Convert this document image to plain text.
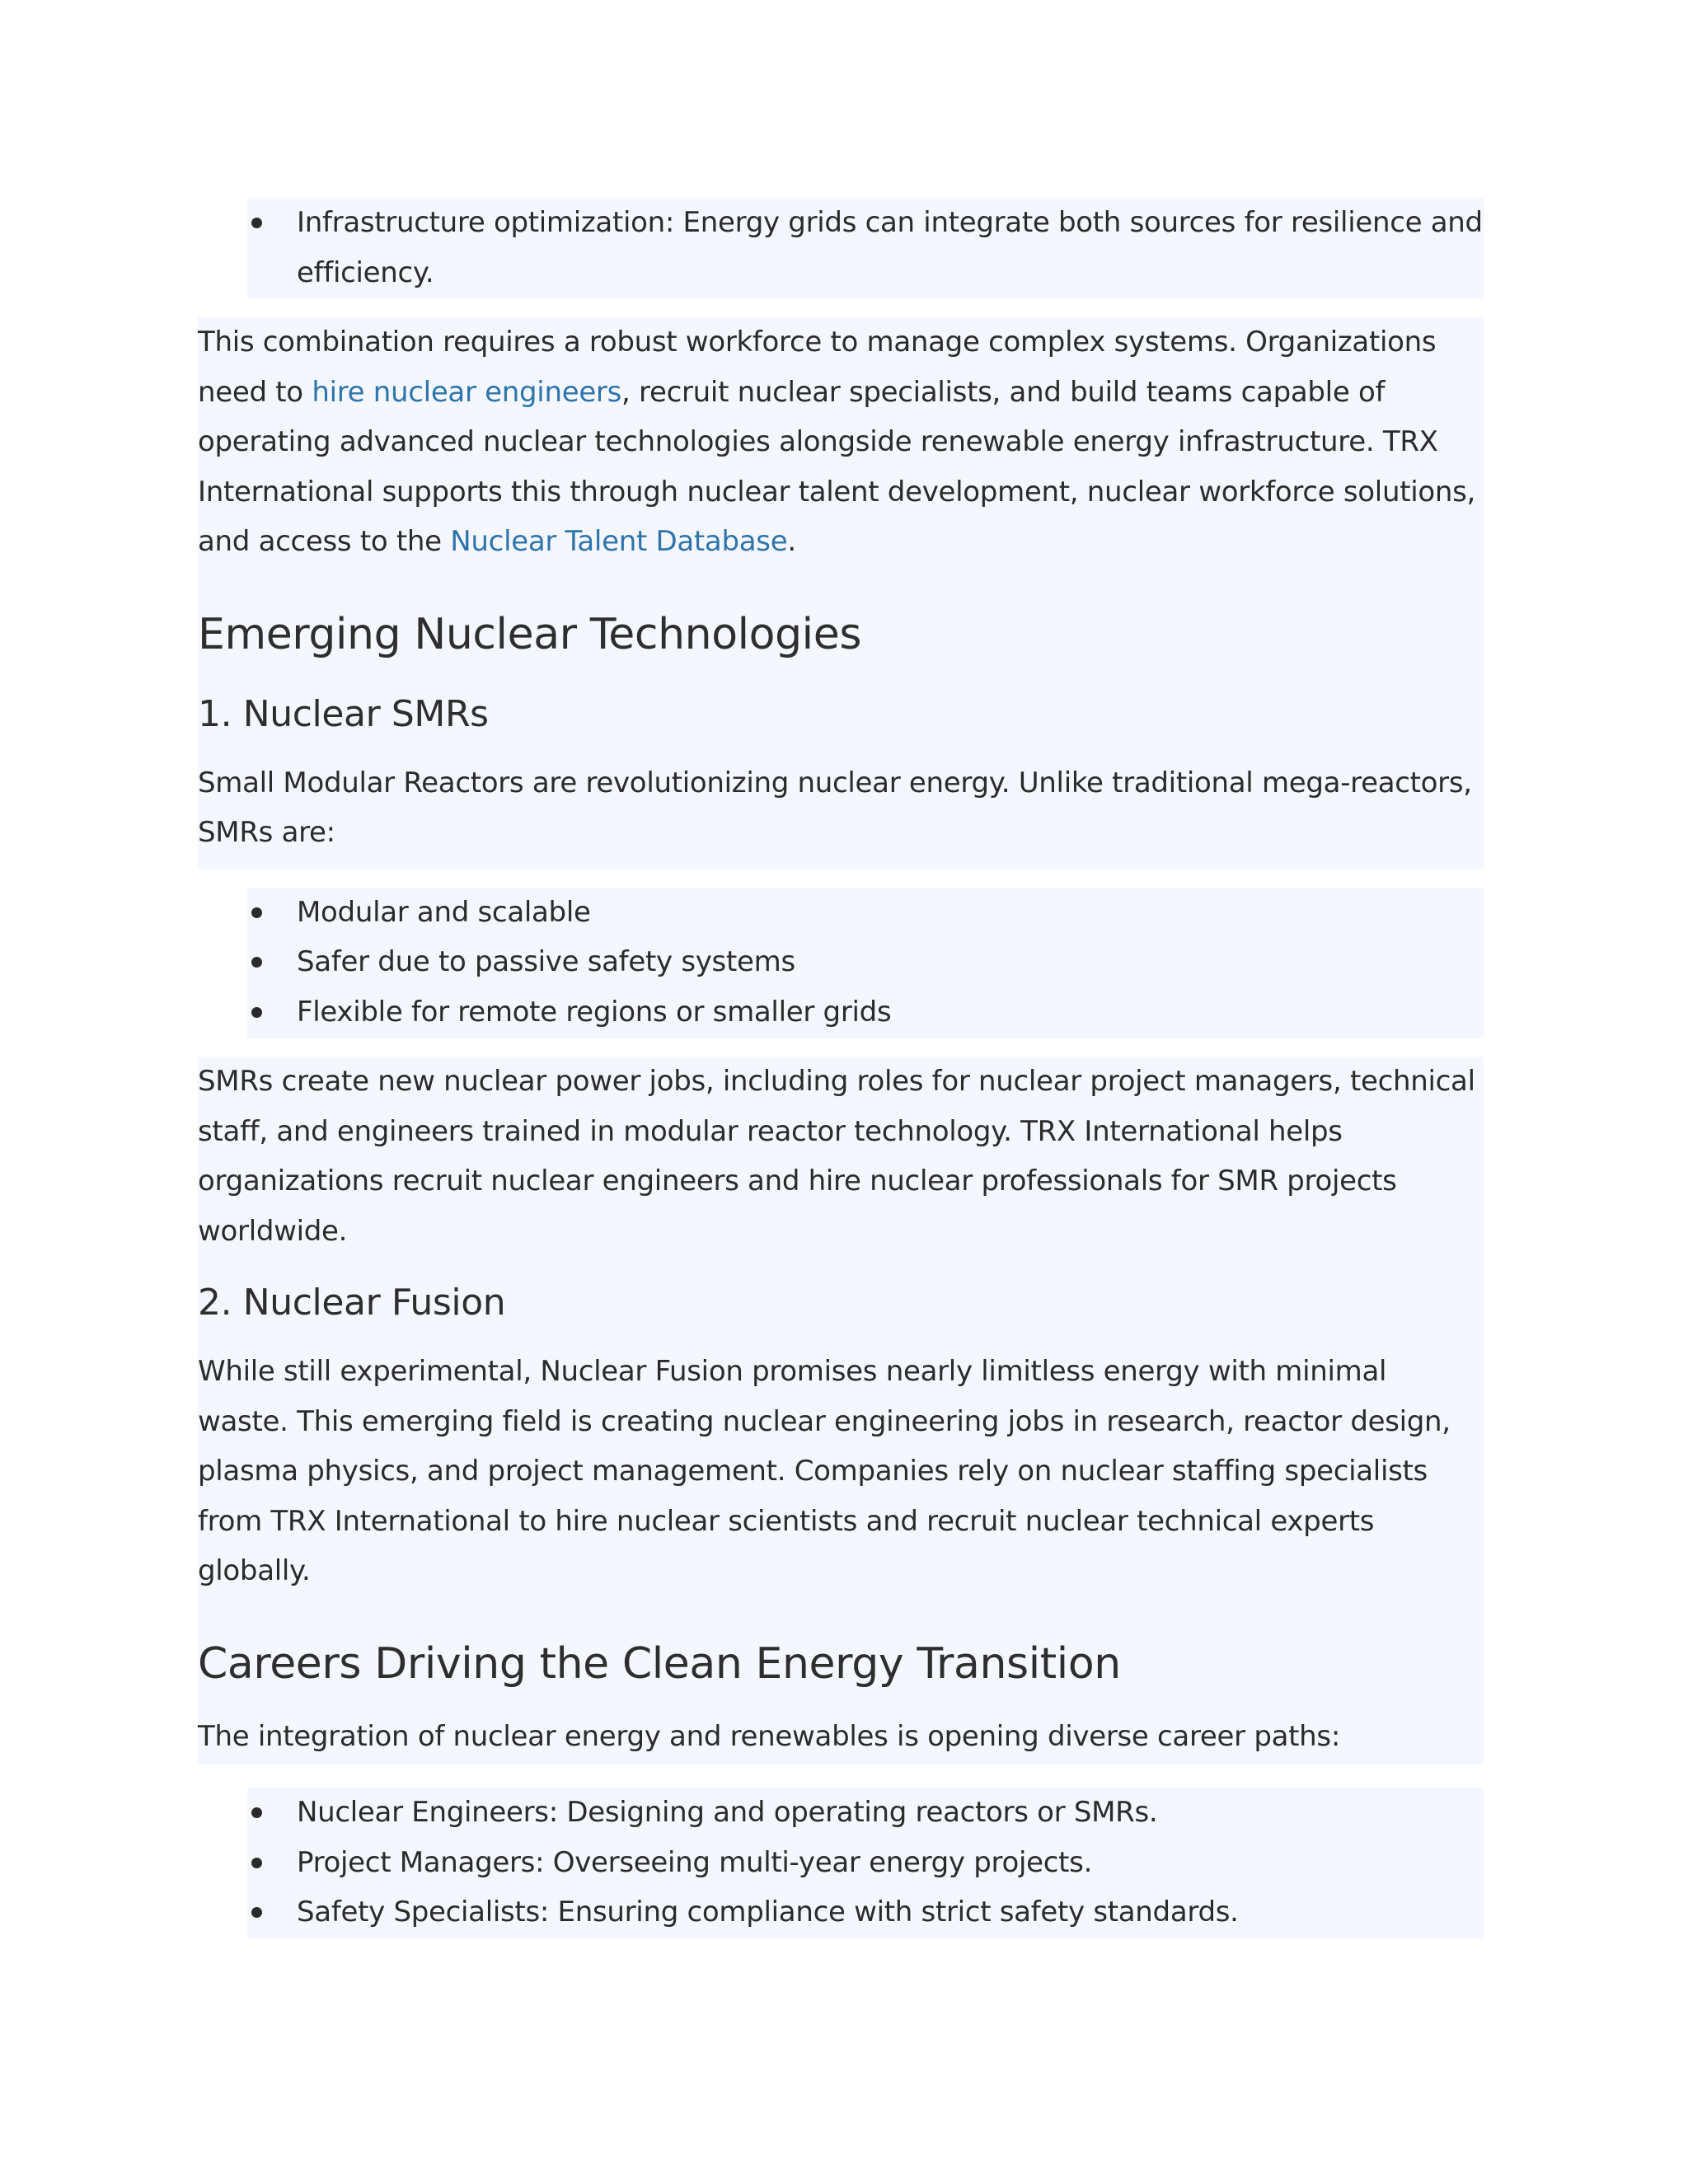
Infrastructure optimization: Energy grids can integrate both sources for resilience and efficiency.

This combination requires a robust workforce to manage complex systems. Organizations need to hire nuclear engineers, recruit nuclear specialists, and build teams capable of operating advanced nuclear technologies alongside renewable energy infrastructure. TRX International supports this through nuclear talent development, nuclear workforce solutions, and access to the Nuclear Talent Database.

Emerging Nuclear Technologies
1. Nuclear SMRs

Small Modular Reactors are revolutionizing nuclear energy. Unlike traditional mega-reactors, SMRs are:

Modular and scalable
Safer due to passive safety systems
Flexible for remote regions or smaller grids

SMRs create new nuclear power jobs, including roles for nuclear project managers, technical staff, and engineers trained in modular reactor technology. TRX International helps organizations recruit nuclear engineers and hire nuclear professionals for SMR projects worldwide.

2. Nuclear Fusion

While still experimental, Nuclear Fusion promises nearly limitless energy with minimal waste. This emerging field is creating nuclear engineering jobs in research, reactor design, plasma physics, and project management. Companies rely on nuclear staffing specialists from TRX International to hire nuclear scientists and recruit nuclear technical experts globally.

Careers Driving the Clean Energy Transition

The integration of nuclear energy and renewables is opening diverse career paths:

Nuclear Engineers: Designing and operating reactors or SMRs.
Project Managers: Overseeing multi-year energy projects.
Safety Specialists: Ensuring compliance with strict safety standards.
